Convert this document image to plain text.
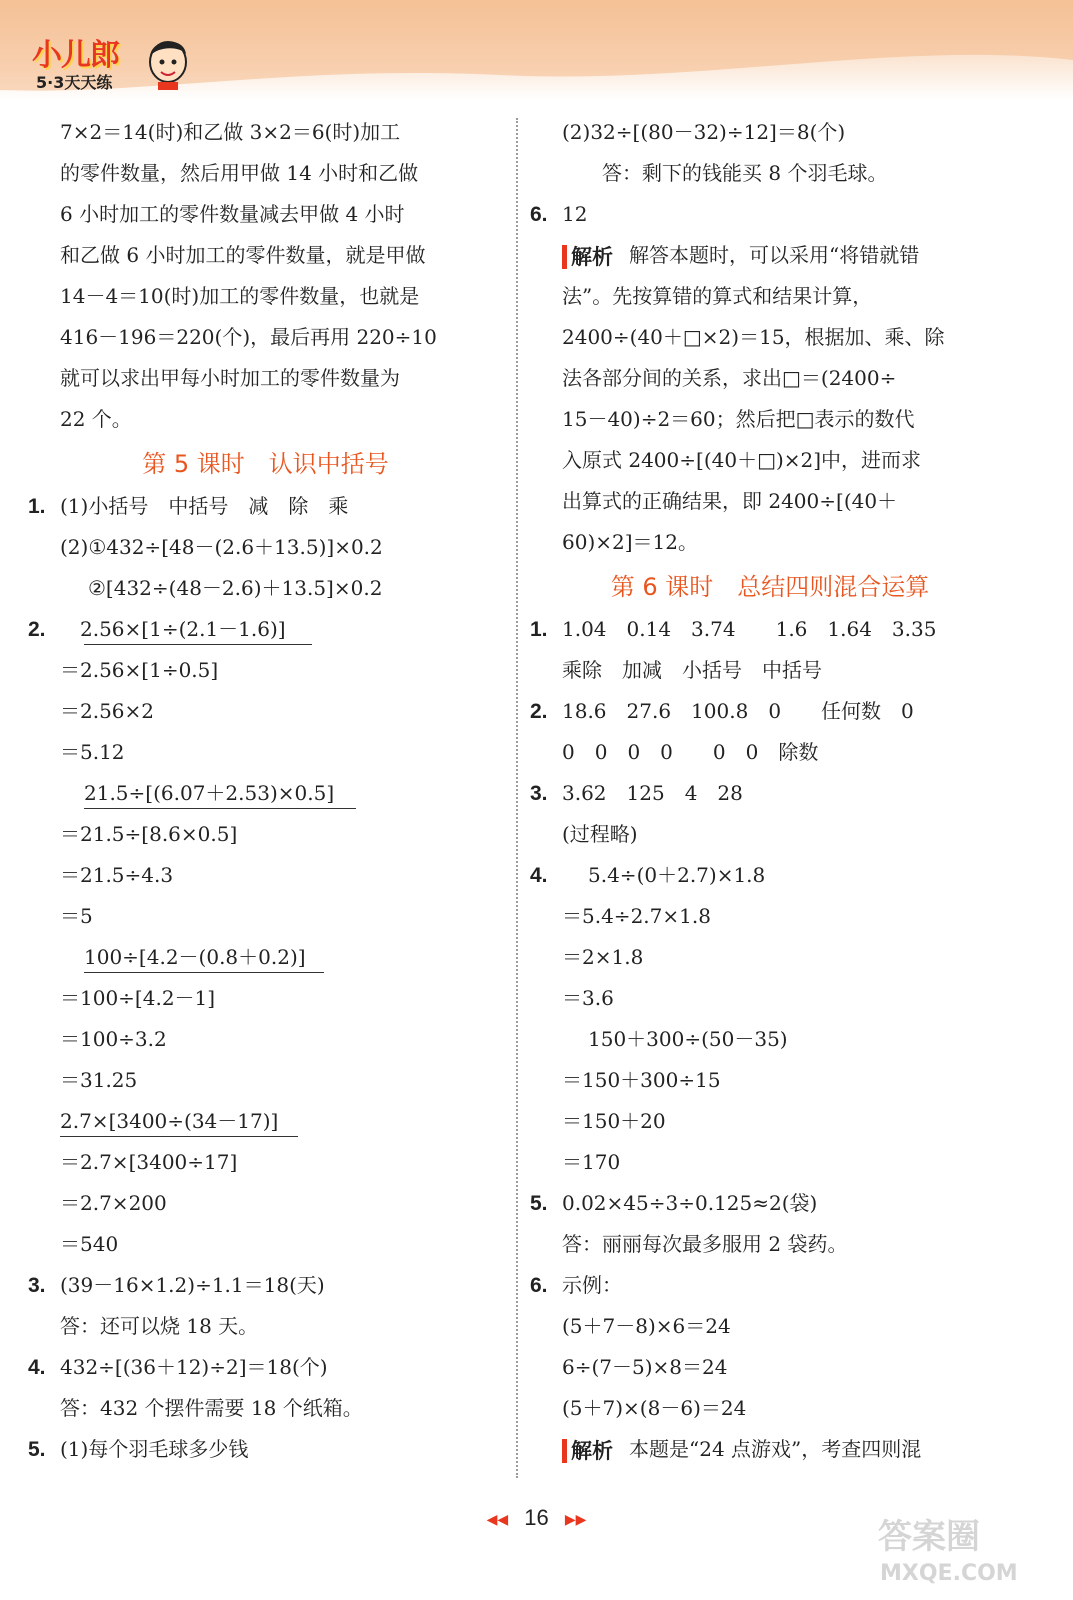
小儿郎
5·3天天练
7×2＝14(时)和乙做 3×2＝6(时)加工
的零件数量，然后用甲做 14 小时和乙做
6 小时加工的零件数量减去甲做 4 小时
和乙做 6 小时加工的零件数量，就是甲做
14－4＝10(时)加工的零件数量，也就是
416－196＝220(个)，最后再用 220÷10
就可以求出甲每小时加工的零件数量为
22 个。
第 5 课时　认识中括号
1. (1)小括号　中括号　减　除　乘
(2)①432÷[48－(2.6＋13.5)]×0.2
②[432÷(48－2.6)＋13.5]×0.2
2. 2.56×[1÷(2.1－1.6)]
＝2.56×[1÷0.5]
＝2.56×2
＝5.12
21.5÷[(6.07＋2.53)×0.5]
＝21.5÷[8.6×0.5]
＝21.5÷4.3
＝5
100÷[4.2－(0.8＋0.2)]
＝100÷[4.2－1]
＝100÷3.2
＝31.25
2.7×[3400÷(34－17)]
＝2.7×[3400÷17]
＝2.7×200
＝540
3. (39－16×1.2)÷1.1＝18(天)
答：还可以烧 18 天。
4. 432÷[(36＋12)÷2]＝18(个)
答：432 个摆件需要 18 个纸箱。
5. (1)每个羽毛球多少钱
(2)32÷[(80－32)÷12]＝8(个)
答：剩下的钱能买 8 个羽毛球。
6. 12
解析 解答本题时，可以采用“将错就错
法”。先按算错的算式和结果计算，
2400÷(40＋□×2)＝15，根据加、乘、除
法各部分间的关系，求出□＝(2400÷
15－40)÷2＝60；然后把□表示的数代
入原式 2400÷[(40＋□)×2]中，进而求
出算式的正确结果，即 2400÷[(40＋
60)×2]＝12。
第 6 课时　总结四则混合运算
1. 1.04　0.14　3.74　　1.6　1.64　3.35
乘除　加减　小括号　中括号
2. 18.6　27.6　100.8　0　　任何数　0
0　0　0　0　　0　0　除数
3. 3.62　125　4　28
(过程略)
4. 5.4÷(0＋2.7)×1.8
＝5.4÷2.7×1.8
＝2×1.8
＝3.6
150＋300÷(50－35)
＝150＋300÷15
＝150＋20
＝170
5. 0.02×45÷3÷0.125≈2(袋)
答：丽丽每次最多服用 2 袋药。
6. 示例：
(5＋7－8)×6＝24
6÷(7－5)×8＝24
(5＋7)×(8－6)＝24
解析 本题是“24 点游戏”，考查四则混
◀◀ 16 ▶▶	答案圈
MXQE.COM
